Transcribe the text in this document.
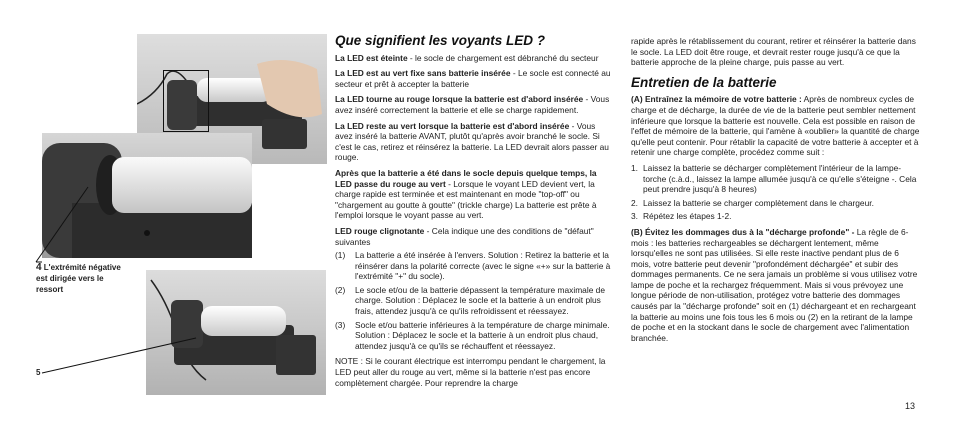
4 L'extrémité négative est dirigée vers le ressort
5
Que signifient les voyants LED ?

La LED est éteinte - le socle de chargement est débranché du secteur

La LED est au vert fixe sans batterie insérée - Le socle est connecté au secteur et prêt à accepter la batterie

La LED tourne au rouge lorsque la batterie est d'abord insérée - Vous avez inséré correctement la batterie et elle se charge rapidement.

La LED reste au vert lorsque la batterie est d'abord insérée - Vous avez inséré la batterie AVANT, plutôt qu'après avoir branché le socle. Si c'est le cas, retirez et réinsérez la batterie. La LED devrait alors passer au rouge.

Après que la batterie a été dans le socle depuis quelque temps, la LED passe du rouge au vert - Lorsque le voyant LED devient vert, la charge rapide est terminée et est maintenant en mode "top-off" ou "chargement au goutte à goutte" (trickle charge) La batterie est prête à l'emploi lorsque le voyant passe au vert.

LED rouge clignotante - Cela indique une des conditions de "défaut" suivantes

(1)	La batterie a été insérée à l'envers. Solution : Retirez la batterie et la réinsérer dans la polarité correcte (avec le signe «+» sur la batterie à l'extrémité "+" du socle).
(2)	Le socle et/ou de la batterie dépassent la température maximale de charge. Solution : Déplacez le socle et la batterie à un endroit plus frais, attendez jusqu'à ce qu'ils refroidissent et réessayez.
(3)	Socle et/ou batterie inférieures à la température de charge minimale. Solution : Déplacez le socle et la batterie à un endroit plus chaud, attendez jusqu'à ce qu'ils se réchauffent et réessayez.

NOTE : Si le courant électrique est interrompu pendant le chargement, la LED peut aller du rouge au vert, même si la batterie n'est pas encore complètement chargée. Pour reprendre la charge

rapide après le rétablissement du courant, retirer et réinsérer la batterie dans le socle. La LED doit être rouge, et devrait rester rouge jusqu'à ce que la batterie approche de la pleine charge, puis passe au vert.

Entretien de la batterie

(A) Entraînez la mémoire de votre batterie : Après de nombreux cycles de charge et de décharge, la durée de vie de la batterie peut sembler nettement inférieure que lorsque la batterie est nouvelle. Cela est possible en raison de l'effet de mémoire de la batterie, qui l'amène à «oublier» la quantité de charge qu'elle peut contenir. Pour rétablir la capacité de votre batterie à accepter et à retenir une charge complète, procédez comme suit :

1. Laissez la batterie se décharger complètement l'intérieur de la lampe-torche (c.à.d., laissez la lampe allumée jusqu'à ce qu'elle s'éteigne -. Cela peut prendre jusqu'à 8 heures)
2. Laissez la batterie se charger complètement dans le chargeur.
3. Répétez les étapes 1-2.

(B) Évitez les dommages dus à la "décharge profonde" - La règle de 6-mois : les batteries rechargeables se déchargent lentement, même lorsqu'elles ne sont pas utilisées. Si elle reste inactive pendant plus de 6 mois, votre batterie peut devenir "profondément déchargée" et subir des dommages permanents. Ce ne sera jamais un problème si vous utilisez votre lampe de poche et la rechargez fréquemment. Mais si vous prévoyez une longue période de non-utilisation, protégez votre batterie des dommages causés par la "décharge profonde" soit en (1) déchargeant et en rechargeant la batterie au moins une fois tous les 6 mois ou (2) en la retirant de la lampe de poche et en la stockant dans le socle de chargement avec l'alimentation branchée.

13
